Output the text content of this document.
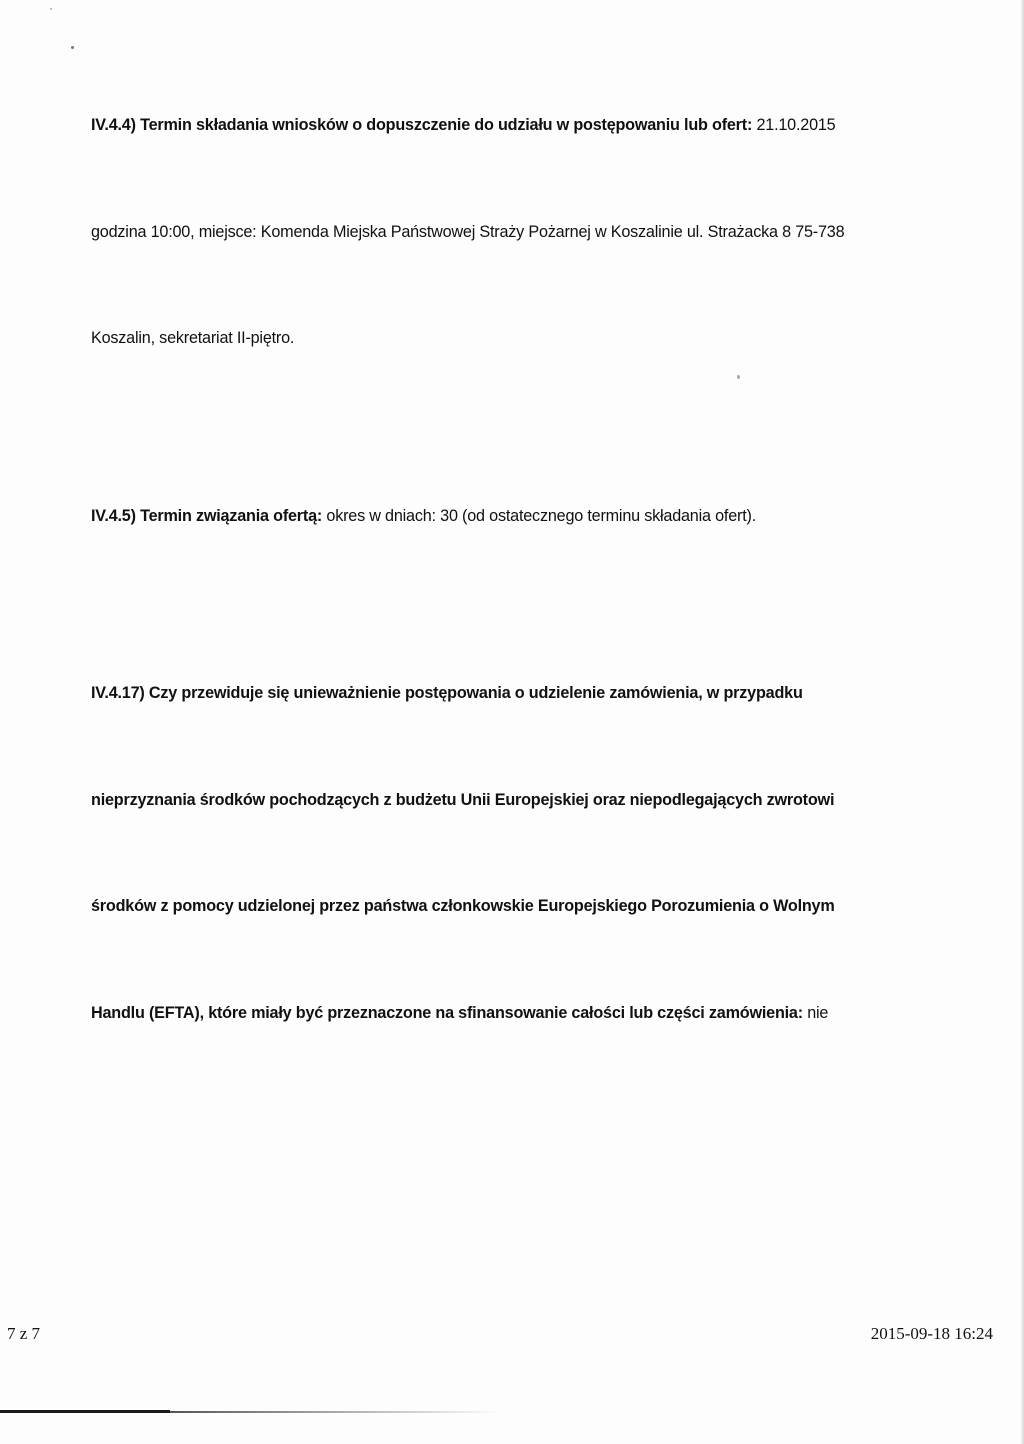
IV.4.4) Termin składania wniosków o dopuszczenie do udziału w postępowaniu lub ofert: 21.10.2015

godzina 10:00, miejsce: Komenda Miejska Państwowej Straży Pożarnej w Koszalinie ul. Strażacka 8 75-738

Koszalin, sekretariat II-piętro.

IV.4.5) Termin związania ofertą: okres w dniach: 30 (od ostatecznego terminu składania ofert).

IV.4.17) Czy przewiduje się unieważnienie postępowania o udzielenie zamówienia, w przypadku

nieprzyznania środków pochodzących z budżetu Unii Europejskiej oraz niepodlegających zwrotowi

środków z pomocy udzielonej przez państwa członkowskie Europejskiego Porozumienia o Wolnym

Handlu (EFTA), które miały być przeznaczone na sfinansowanie całości lub części zamówienia: nie

7 z 7	2015-09-18 16:24
